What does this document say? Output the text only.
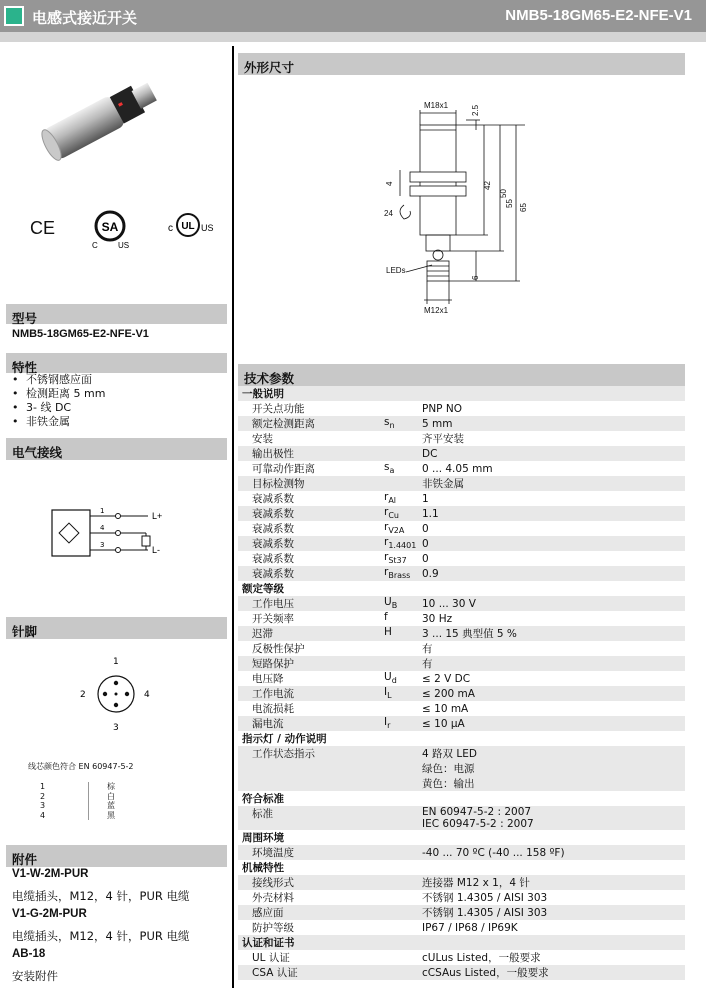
电感式接近开关	NMB5-18GM65-E2-NFE-V1
CE	SA
C	US
c UL US
型号
NMB5-18GM65-E2-NFE-V1
特性
• 不锈钢感应面
• 检测距离 5 mm
• 3- 线 DC
• 非铁金属
电气接线
1
4
3
L+
L-
针脚
1
2	4
3
线芯颜色符合 EN 60947-5-2
1	棕
2	白
3	蓝
4	黑
附件
V1-W-2M-PUR
电缆插头，M12，4 针，PUR 电缆
V1-G-2M-PUR
电缆插头，M12，4 针，PUR 电缆
AB-18
安装附件
外形尺寸
M18x1	2.5
4
24
42
50
55 65
6
LEDs
M12x1
技术参数
一般说明		
开关点功能		PNP NO

额定检测距离	$s_n$	5 mm

安装		齐平安装

输出极性		DC

可靠动作距离	$s_a$	0 ... 4.05 mm

目标检测物		非铁金属

衰减系数	$r_{Al}$	1

衰减系数	$r_{Cu}$	1.1

衰减系数	$r_{V2A}$	0

衰减系数	$r_{1.4401}$	0

衰减系数	$r_{St37}$	0

衰减系数	$r_{Brass}$	0.9

额定等级		
工作电压	$U_B$	10 ... 30 V

开关频率	f	30 Hz

迟滞	H	3 ... 15 典型值 5 %

反极性保护		有

短路保护		有

电压降	$U_d$	≤ 2 V DC

工作电流	$I_L$	≤ 200 mA

电流损耗		≤ 10 mA

漏电流	$I_r$	≤ 10 μA

指示灯 / 动作说明		
工作状态指示		4 路双 LED
绿色：电源
黄色：输出

符合标准		
标准		EN 60947-5-2 : 2007
IEC 60947-5-2 : 2007

周围环境		
环境温度		-40 ... 70 ºC (-40 ... 158 ºF)

机械特性		
接线形式		连接器 M12 x 1，4 针

外壳材料		不锈钢 1.4305 / AISI 303

感应面		不锈钢 1.4305 / AISI 303

防护等级		IP67 / IP68 / IP69K

认证和证书		
UL 认证		cULus Listed，一般要求

CSA 认证		cCSAus Listed，一般要求
